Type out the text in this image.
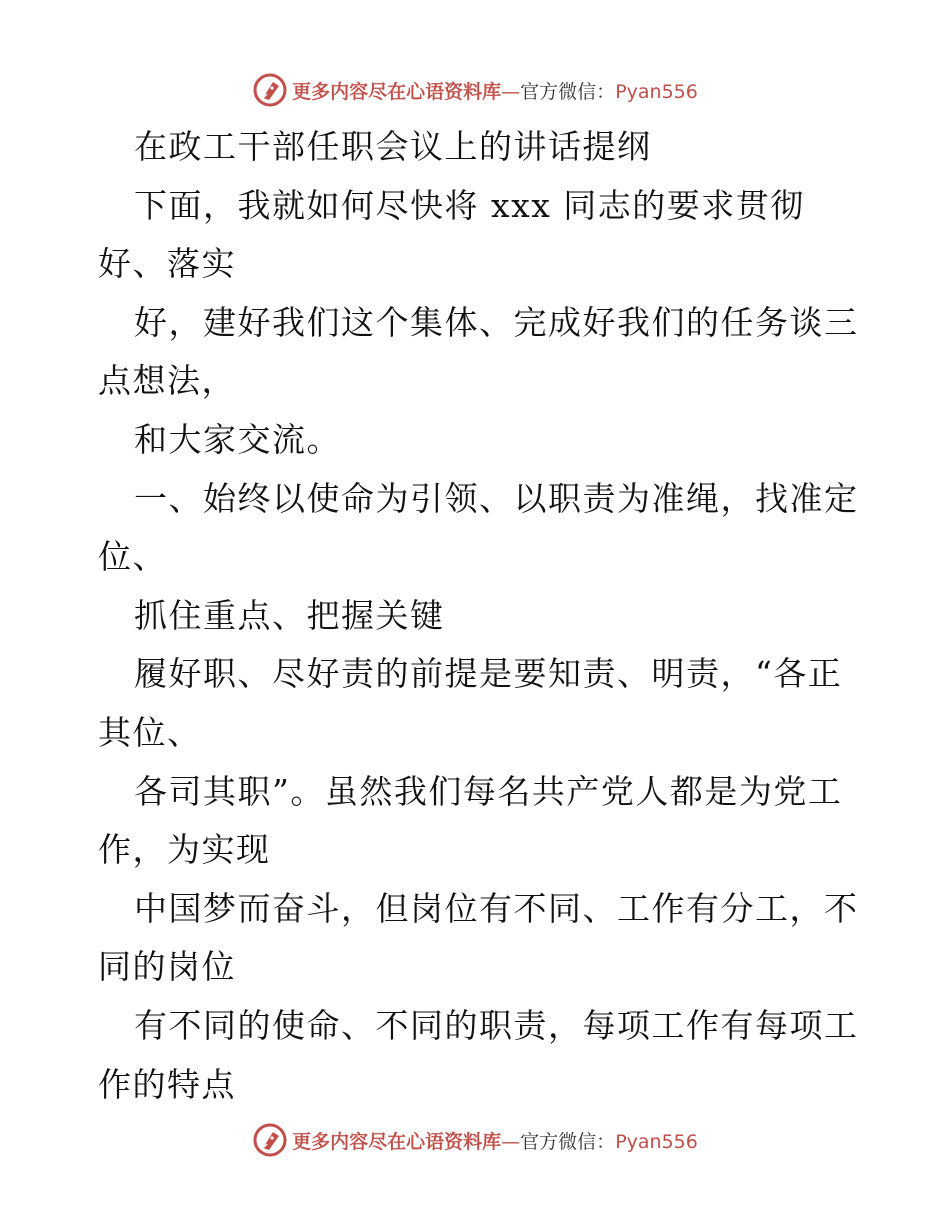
更多内容尽在心语资料库—官方微信：Pyan556
在政工干部任职会议上的讲话提纲
下面，我就如何尽快将 xxx 同志的要求贯彻
好、落实
好，建好我们这个集体、完成好我们的任务谈三
点想法，
和大家交流。
一、始终以使命为引领、以职责为准绳，找准定
位、
抓住重点、把握关键
履好职、尽好责的前提是要知责、明责，“各正
其位、
各司其职”。虽然我们每名共产党人都是为党工
作，为实现
中国梦而奋斗，但岗位有不同、工作有分工，不
同的岗位
有不同的使命、不同的职责，每项工作有每项工
作的特点
更多内容尽在心语资料库—官方微信：Pyan556
